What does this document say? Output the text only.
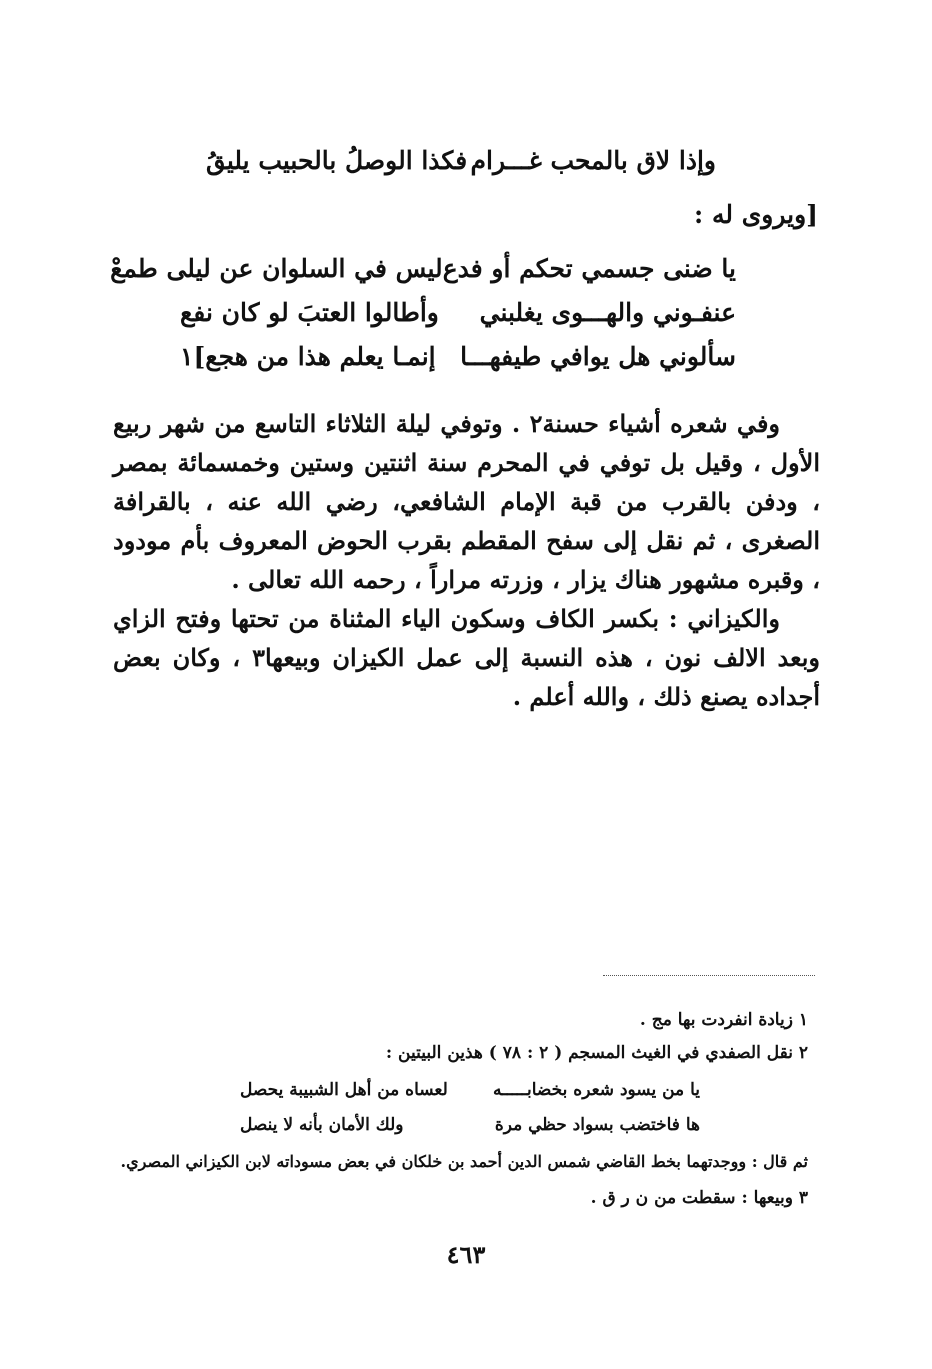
وإذا لاق بالمحب غـــرام
فكذا الوصلُ بالحبيب يليقُ
[ويروى له :
يا ضنى جسمي تحكم أو فدع
ليس في السلوان عن ليلى طمعْ
عنفـوني والهـــوى يغلبني
وأطالوا العتبَ لو كان نفع
سألوني هل يوافي طيفهـــا
إنمـا يعلم هذا من هجع]١

وفي شعره أشياء حسنة٢ . وتوفي ليلة الثلاثاء التاسع من شهر ربيع الأول ، وقيل بل توفي في المحرم سنة اثنتين وستين وخمسمائة بمصر ، ودفن بالقرب من قبة الإمام الشافعي، رضي الله عنه ، بالقرافة الصغرى ، ثم نقل إلى سفح المقطم بقرب الحوض المعروف بأم مودود ، وقبره مشهور هناك يزار ، وزرته مراراً ، رحمه الله تعالى .

والكيزاني : بكسر الكاف وسكون الياء المثناة من تحتها وفتح الزاي وبعد الالف نون ، هذه النسبة إلى عمل الكيزان وبيعها٣ ، وكان بعض أجداده يصنع ذلك ، والله أعلم .

١ زيادة انفردت بها مج .
٢ نقل الصفدي في الغيث المسجم ( ٢ : ٧٨ ) هذين البيتين :
يا من يسود شعره بخضابـــــه
لعساه من أهل الشبيبة يحصل
ها فاختضب بسواد حظي مرة
ولك الأمان بأنه لا ينصل
ثم قال : ووجدتهما بخط القاضي شمس الدين أحمد بن خلكان في بعض مسوداته لابن الكيزاني المصري.
٣ وبيعها : سقطت من ن ر ق .
٤٦٣
